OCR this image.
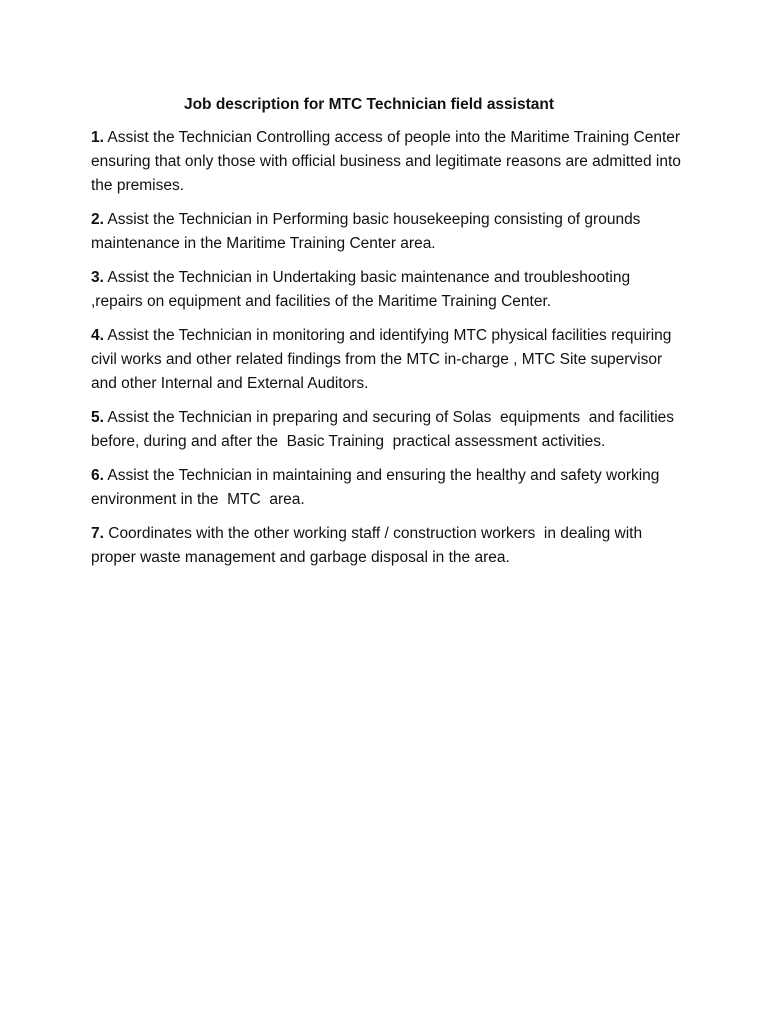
Job description for MTC Technician field assistant
1. Assist the Technician Controlling access of people into the Maritime Training Center ensuring that only those with official business and legitimate reasons are admitted into the premises.
2. Assist the Technician in Performing basic housekeeping consisting of grounds maintenance in the Maritime Training Center area.
3. Assist the Technician in Undertaking basic maintenance and troubleshooting      ,repairs on equipment and facilities of the Maritime Training Center.
4. Assist the Technician in monitoring and identifying MTC physical facilities requiring civil works and other related findings from the MTC in-charge , MTC Site supervisor and other Internal and External Auditors.
5. Assist the Technician in preparing and securing of Solas  equipments  and facilities before, during and after the  Basic Training  practical assessment activities.
6. Assist the Technician in maintaining and ensuring the healthy and safety working environment in the  MTC  area.
7. Coordinates with the other working staff / construction workers  in dealing with proper waste management and garbage disposal in the area.
